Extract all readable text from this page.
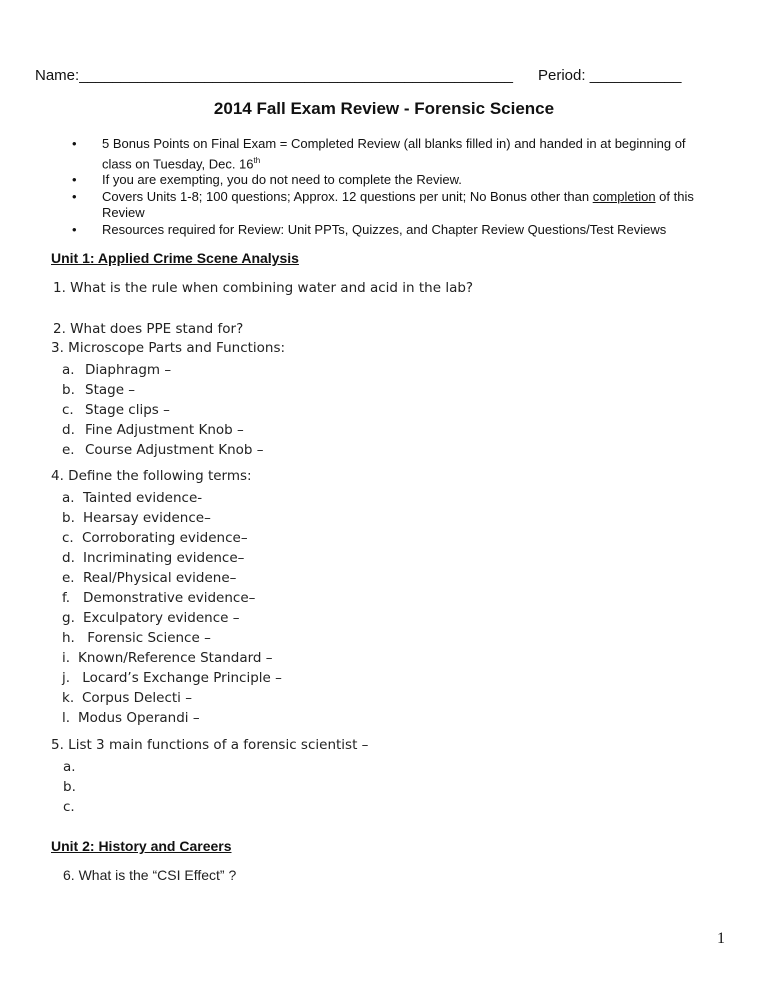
Name:____________________________________________________ Period: ___________
2014 Fall Exam Review - Forensic Science
• 5 Bonus Points on Final Exam = Completed Review (all blanks filled in) and handed in at beginning of
class on Tuesday, Dec. 16th
• If you are exempting, you do not need to complete the Review.
• Covers Units 1-8; 100 questions; Approx. 12 questions per unit; No Bonus other than completion of this
Review
• Resources required for Review: Unit PPTs, Quizzes, and Chapter Review Questions/Test Reviews
Unit 1: Applied Crime Scene Analysis
1. What is the rule when combining water and acid in the lab?
2. What does PPE stand for?
3. Microscope Parts and Functions:
a. Diaphragm –
b. Stage –
c. Stage clips –
d. Fine Adjustment Knob –
e. Course Adjustment Knob –
4. Define the following terms:
a. Tainted evidence-
b. Hearsay evidence–
c. Corroborating evidence–
d. Incriminating evidence–
e. Real/Physical evidene–
f. Demonstrative evidence–
g. Exculpatory evidence –
h. Forensic Science –
i. Known/Reference Standard –
j. Locard’s Exchange Principle –
k. Corpus Delecti –
l. Modus Operandi –
5. List 3 main functions of a forensic scientist –
a.
b.
c.
Unit 2: History and Careers
6. What is the “CSI Effect” ?
1
